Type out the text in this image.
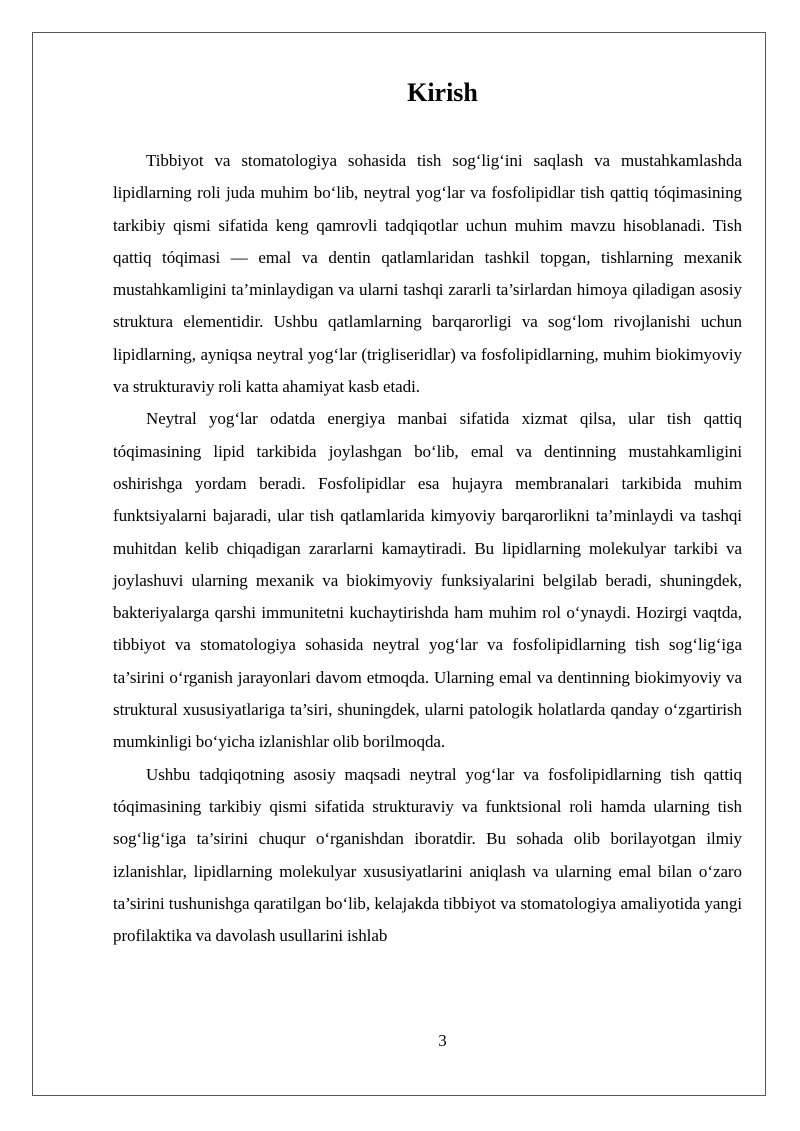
Kirish

Tibbiyot va stomatologiya sohasida tish sog‘lig‘ini saqlash va mustahkamlashda lipidlarning roli juda muhim bo‘lib, neytral yog‘lar va fosfolipidlar tish qattiq tóqimasining tarkibiy qismi sifatida keng qamrovli tadqiqotlar uchun muhim mavzu hisoblanadi. Tish qattiq tóqimasi — emal va dentin qatlamlaridan tashkil topgan, tishlarning mexanik mustahkamligini ta’minlaydigan va ularni tashqi zararli ta’sirlardan himoya qiladigan asosiy struktura elementidir. Ushbu qatlamlarning barqarorligi va sog‘lom rivojlanishi uchun lipidlarning, ayniqsa neytral yog‘lar (trigliseridlar) va fosfolipidlarning, muhim biokimyoviy va strukturaviy roli katta ahamiyat kasb etadi.

Neytral yog‘lar odatda energiya manbai sifatida xizmat qilsa, ular tish qattiq tóqimasining lipid tarkibida joylashgan bo‘lib, emal va dentinning mustahkamligini oshirishga yordam beradi. Fosfolipidlar esa hujayra membranalari tarkibida muhim funktsiyalarni bajaradi, ular tish qatlamlarida kimyoviy barqarorlikni ta’minlaydi va tashqi muhitdan kelib chiqadigan zararlarni kamaytiradi. Bu lipidlarning molekulyar tarkibi va joylashuvi ularning mexanik va biokimyoviy funksiyalarini belgilab beradi, shuningdek, bakteriyalarga qarshi immunitetni kuchaytirishda ham muhim rol o‘ynaydi. Hozirgi vaqtda, tibbiyot va stomatologiya sohasida neytral yog‘lar va fosfolipidlarning tish sog‘lig‘iga ta’sirini o‘rganish jarayonlari davom etmoqda. Ularning emal va dentinning biokimyoviy va struktural xususiyatlariga ta’siri, shuningdek, ularni patologik holatlarda qanday o‘zgartirish mumkinligi bo‘yicha izlanishlar olib borilmoqda.

Ushbu tadqiqotning asosiy maqsadi neytral yog‘lar va fosfolipidlarning tish qattiq tóqimasining tarkibiy qismi sifatida strukturaviy va funktsional roli hamda ularning tish sog‘lig‘iga ta’sirini chuqur o‘rganishdan iboratdir. Bu sohada olib borilayotgan ilmiy izlanishlar, lipidlarning molekulyar xususiyatlarini aniqlash va ularning emal bilan o‘zaro ta’sirini tushunishga qaratilgan bo‘lib, kelajakda tibbiyot va stomatologiya amaliyotida yangi profilaktika va davolash usullarini ishlab

3
